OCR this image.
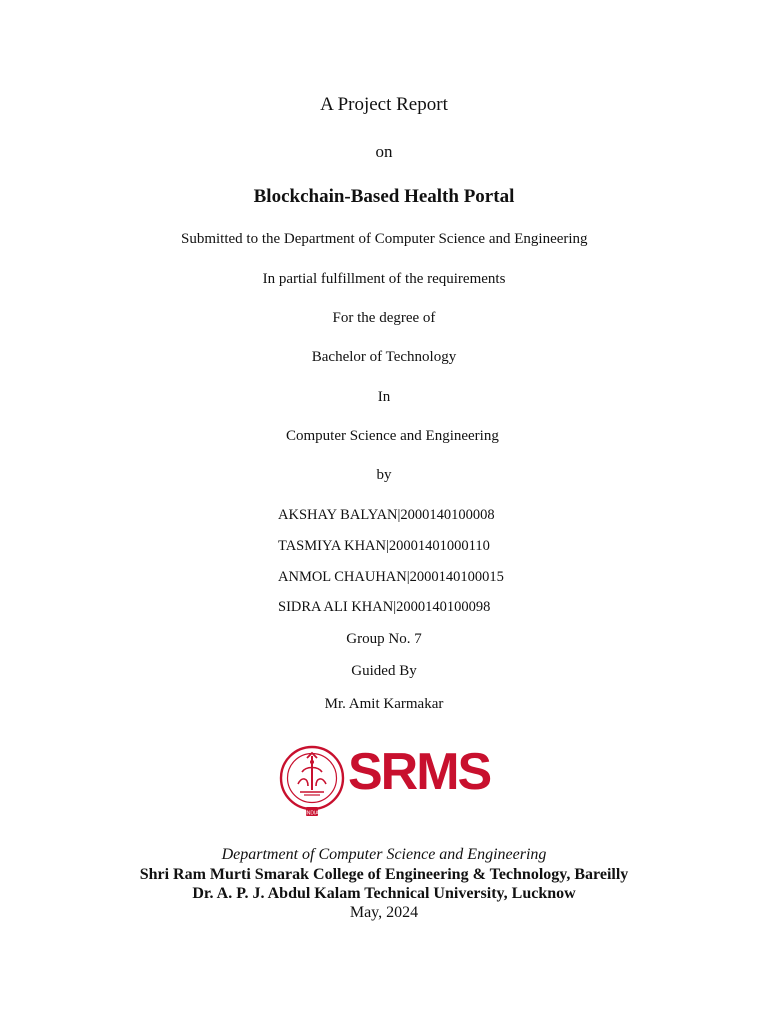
A Project Report
on
Blockchain-Based Health Portal
Submitted to the Department of Computer Science and Engineering
In partial fulfillment of the requirements
For the degree of
Bachelor of Technology
In
Computer Science and Engineering
by
AKSHAY BALYAN|2000140100008
TASMIYA KHAN|20001401000110
ANMOL CHAUHAN|2000140100015
SIDRA ALI KHAN|2000140100098
Group No. 7
Guided By
Mr. Amit Karmakar
INDIA
SRMS
Department of Computer Science and Engineering
Shri Ram Murti Smarak College of Engineering & Technology, Bareilly
Dr. A. P. J. Abdul Kalam Technical University, Lucknow
May, 2024
